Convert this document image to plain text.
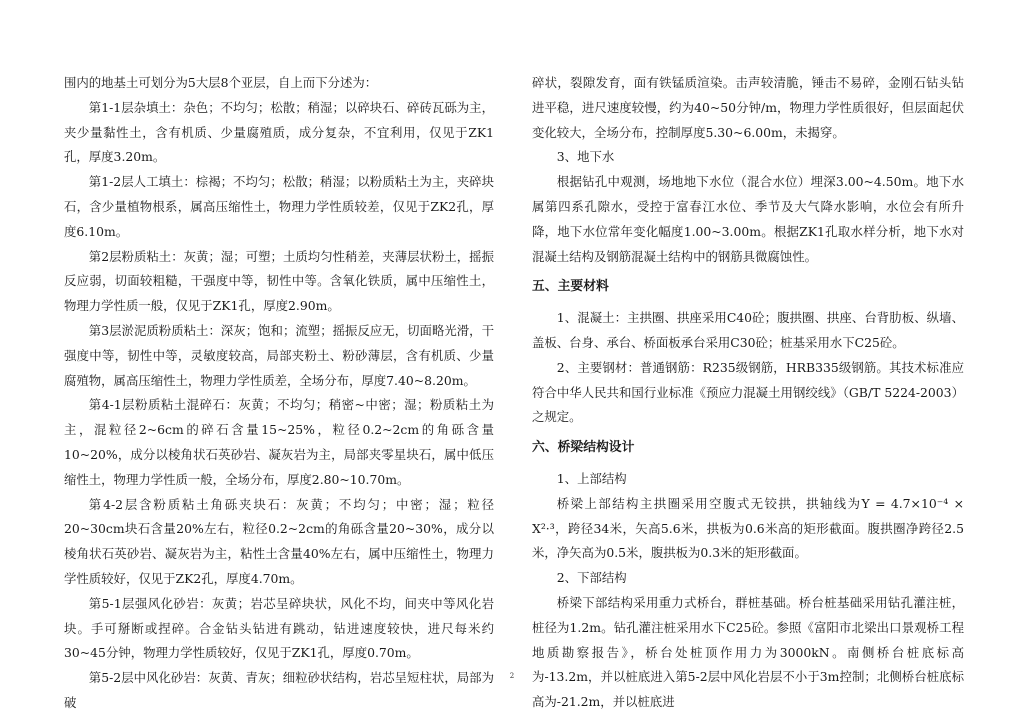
围内的地基土可划分为5大层8个亚层，自上而下分述为：

第1-1层杂填土：杂色；不均匀；松散；稍湿；以碎块石、碎砖瓦砾为主，夹少量黏性土，含有机质、少量腐殖质，成分复杂，不宜利用，仅见于ZK1孔，厚度3.20m。

第1-2层人工填土：棕褐；不均匀；松散；稍湿；以粉质粘土为主，夹碎块石，含少量植物根系，属高压缩性土，物理力学性质较差，仅见于ZK2孔，厚度6.10m。

第2层粉质粘土：灰黄；湿；可塑；土质均匀性稍差，夹薄层状粉土，摇振反应弱，切面较粗糙，干强度中等，韧性中等。含氧化铁质，属中压缩性土，物理力学性质一般，仅见于ZK1孔，厚度2.90m。

第3层淤泥质粉质粘土：深灰；饱和；流塑；摇振反应无，切面略光滑，干强度中等，韧性中等，灵敏度较高，局部夹粉土、粉砂薄层，含有机质、少量腐殖物，属高压缩性土，物理力学性质差，全场分布，厚度7.40~8.20m。

第4-1层粉质粘土混碎石：灰黄；不均匀；稍密~中密；湿；粉质粘土为主，混粒径2~6cm的碎石含量15~25%，粒径0.2~2cm的角砾含量10~20%，成分以棱角状石英砂岩、凝灰岩为主，局部夹零星块石，属中低压缩性土，物理力学性质一般，全场分布，厚度2.80~10.70m。

第4-2层含粉质粘土角砾夹块石：灰黄；不均匀；中密；湿；粒径20~30cm块石含量20%左右，粒径0.2~2cm的角砾含量20~30%，成分以棱角状石英砂岩、凝灰岩为主，粘性土含量40%左右，属中压缩性土，物理力学性质较好，仅见于ZK2孔，厚度4.70m。

第5-1层强风化砂岩：灰黄；岩芯呈碎块状，风化不均，间夹中等风化岩块。手可掰断或捏碎。合金钻头钻进有跳动，钻进速度较快，进尺每米约30~45分钟，物理力学性质较好，仅见于ZK1孔，厚度0.70m。

第5-2层中风化砂岩：灰黄、青灰；细粒砂状结构，岩芯呈短柱状，局部为破

碎状，裂隙发育，面有铁锰质渲染。击声较清脆，锤击不易碎，金刚石钻头钻进平稳，进尺速度较慢，约为40~50分钟/m，物理力学性质很好，但层面起伏变化较大，全场分布，控制厚度5.30~6.00m，未揭穿。

3、地下水

根据钻孔中观测，场地地下水位（混合水位）埋深3.00~4.50m。地下水属第四系孔隙水，受控于富春江水位、季节及大气降水影响，水位会有所升降，地下水位常年变化幅度1.00~3.00m。根据ZK1孔取水样分析，地下水对混凝土结构及钢筋混凝土结构中的钢筋具微腐蚀性。

五、主要材料

1、混凝土：主拱圈、拱座采用C40砼；腹拱圈、拱座、台背肋板、纵墙、盖板、台身、承台、桥面板承台采用C30砼；桩基采用水下C25砼。

2、主要钢材：普通钢筋：R235级钢筋，HRB335级钢筋。其技术标准应符合中华人民共和国行业标准《预应力混凝土用钢绞线》（GB/T 5224-2003）之规定。

六、桥梁结构设计

1、上部结构

桥梁上部结构主拱圈采用空腹式无铰拱，拱轴线为Y = 4.7×10⁻⁴ × X²·³，跨径34米，矢高5.6米，拱板为0.6米高的矩形截面。腹拱圈净跨径2.5米，净矢高为0.5米，腹拱板为0.3米的矩形截面。

2、下部结构

桥梁下部结构采用重力式桥台，群桩基础。桥台桩基础采用钻孔灌注桩，桩径为1.2m。钻孔灌注桩采用水下C25砼。参照《富阳市北梁出口景观桥工程地质勘察报告》，桥台处桩顶作用力为3000kN。南侧桥台桩底标高为-13.2m，并以桩底进入第5-2层中风化岩层不小于3m控制；北侧桥台桩底标高为-21.2m，并以桩底进

2
